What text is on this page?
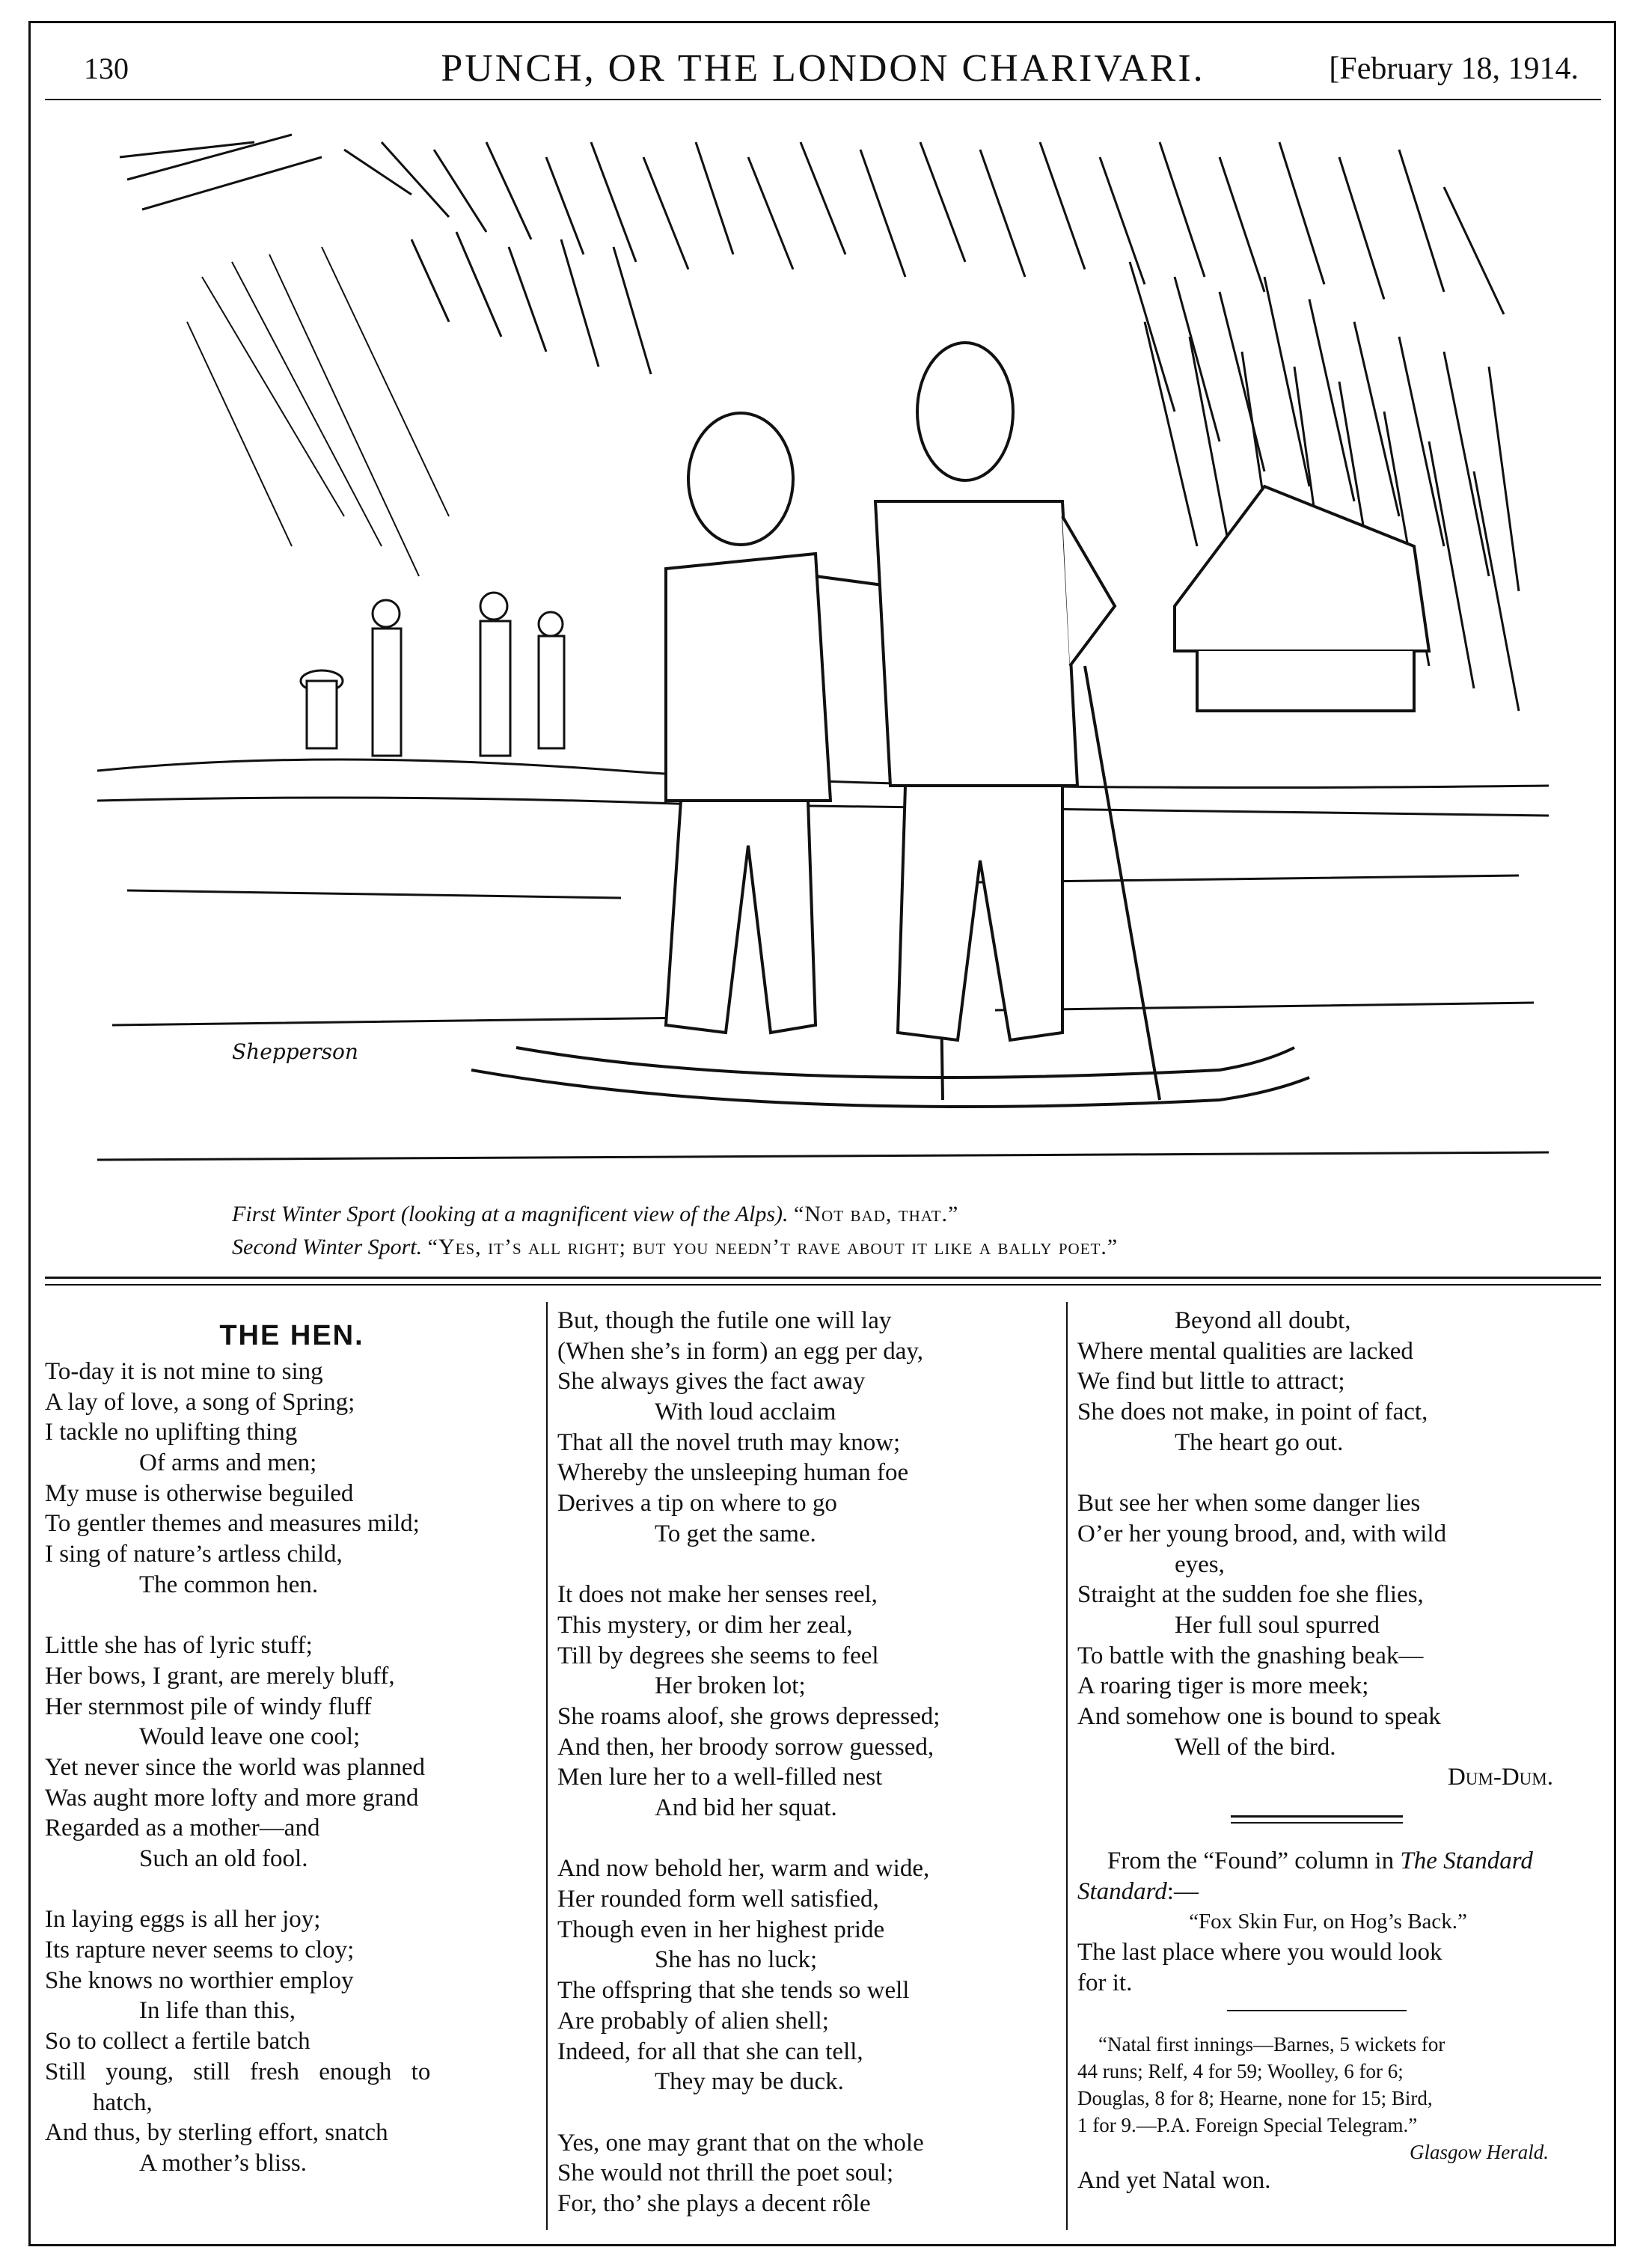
PUNCH, OR THE LONDON CHARIVARI.
130	[February 18, 1914.
Shepperson
First Winter Sport (looking at a magnificent view of the Alps). “Not bad, that.”
Second Winter Sport. “Yes, it’s all right; but you needn’t rave about it like a bally poet.”
THE HEN.
To-day it is not mine to sing
A lay of love, a song of Spring;
I tackle no uplifting thing
Of arms and men;
My muse is otherwise beguiled
To gentler themes and measures mild;
I sing of nature’s artless child,
The common hen.
Little she has of lyric stuff;
Her bows, I grant, are merely bluff,
Her sternmost pile of windy fluff
Would leave one cool;
Yet never since the world was planned
Was aught more lofty and more grand
Regarded as a mother—and
Such an old fool.
In laying eggs is all her joy;
Its rapture never seems to cloy;
She knows no worthier employ
In life than this,
So to collect a fertile batch
Still young, still fresh enough to
hatch,
And thus, by sterling effort, snatch
A mother’s bliss.
But, though the futile one will lay
(When she’s in form) an egg per day,
She always gives the fact away
With loud acclaim
That all the novel truth may know;
Whereby the unsleeping human foe
Derives a tip on where to go
To get the same.
It does not make her senses reel,
This mystery, or dim her zeal,
Till by degrees she seems to feel
Her broken lot;
She roams aloof, she grows depressed;
And then, her broody sorrow guessed,
Men lure her to a well-filled nest
And bid her squat.
And now behold her, warm and wide,
Her rounded form well satisfied,
Though even in her highest pride
She has no luck;
The offspring that she tends so well
Are probably of alien shell;
Indeed, for all that she can tell,
They may be duck.
Yes, one may grant that on the whole
She would not thrill the poet soul;
For, tho’ she plays a decent rôle
Beyond all doubt,
Where mental qualities are lacked
We find but little to attract;
She does not make, in point of fact,
The heart go out.
But see her when some danger lies
O’er her young brood, and, with wild
eyes,
Straight at the sudden foe she flies,
Her full soul spurred
To battle with the gnashing beak—
A roaring tiger is more meek;
And somehow one is bound to speak
Well of the bird.
Dum-Dum.
From the “Found” column in The Standard
Standard:—
“Fox Skin Fur, on Hog’s Back.”
The last place where you would look
for it.
“Natal first innings—Barnes, 5 wickets for
44 runs; Relf, 4 for 59; Woolley, 6 for 6;
Douglas, 8 for 8; Hearne, none for 15; Bird,
1 for 9.—P.A. Foreign Special Telegram.”
Glasgow Herald.
And yet Natal won.
